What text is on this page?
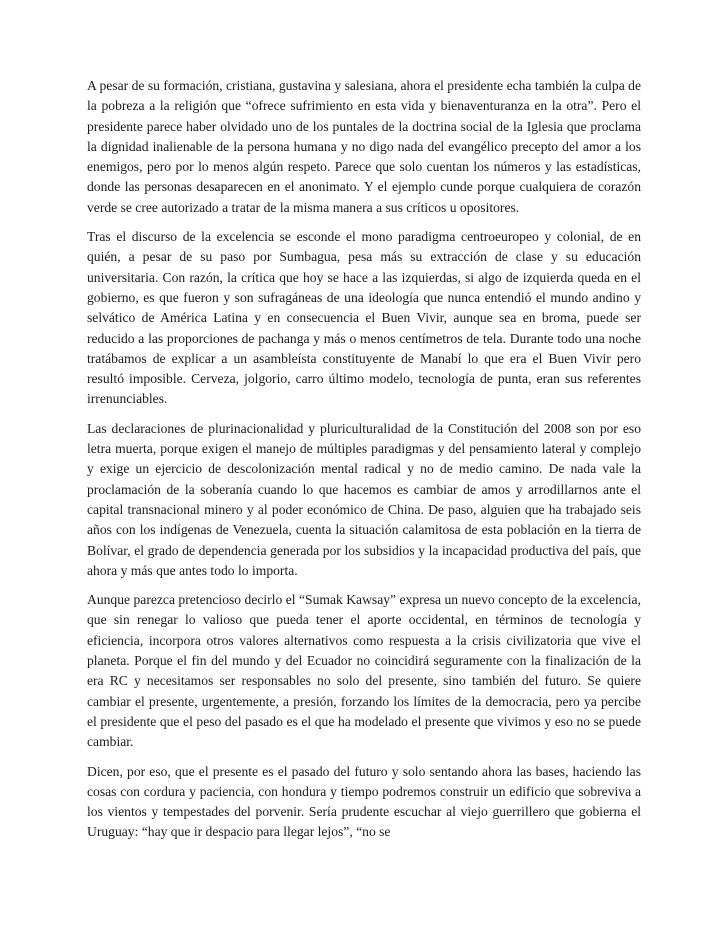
A pesar de su formación, cristiana, gustavina y salesiana, ahora el presidente echa también la culpa de la pobreza a la religión que “ofrece sufrimiento en esta vida y bienaventuranza en la otra”. Pero el presidente parece haber olvidado uno de los puntales de la doctrina social de la Iglesia que proclama la dignidad inalienable de la persona humana y no digo nada del evangélico precepto del amor a los enemigos, pero por lo menos algún respeto. Parece que solo cuentan los números y las estadísticas, donde las personas desaparecen en el anonimato. Y el ejemplo cunde porque cualquiera de corazón verde se cree autorizado a tratar de la misma manera a sus críticos u opositores.

Tras el discurso de la excelencia se esconde el mono paradigma centroeuropeo y colonial, de en quién, a pesar de su paso por Sumbagua, pesa más su extracción de clase y su educación universitaria. Con razón, la crítica que hoy se hace a las izquierdas, si algo de izquierda queda en el gobierno, es que fueron y son sufragáneas de una ideología que nunca entendió el mundo andino y selvático de América Latina y en consecuencia el Buen Vivir, aunque sea en broma, puede ser reducido a las proporciones de pachanga y más o menos centímetros de tela. Durante todo una noche tratábamos de explicar a un asambleísta constituyente de Manabí lo que era el Buen Vivir pero resultó imposible. Cerveza, jolgorio, carro último modelo, tecnología de punta, eran sus referentes irrenunciables.

Las declaraciones de plurinacionalidad y pluriculturalidad de la Constitución del 2008 son por eso letra muerta, porque exigen el manejo de múltiples paradigmas y del pensamiento lateral y complejo y exige un ejercicio de descolonización mental radical y no de medio camino. De nada vale la proclamación de la soberanía cuando lo que hacemos es cambiar de amos y arrodillarnos ante el capital transnacional minero y al poder económico de China. De paso, alguien que ha trabajado seis años con los indígenas de Venezuela, cuenta la situación calamitosa de esta población en la tierra de Bolívar, el grado de dependencia generada por los subsidios y la incapacidad productiva del país, que ahora y más que antes todo lo importa.

Aunque parezca pretencioso decirlo el “Sumak Kawsay” expresa un nuevo concepto de la excelencia, que sin renegar lo valioso que pueda tener el aporte occidental, en términos de tecnología y eficiencia, incorpora otros valores alternativos como respuesta a la crisis civilizatoria que vive el planeta. Porque el fin del mundo y del Ecuador no coincidirá seguramente con la finalización de la era RC y necesitamos ser responsables no solo del presente, sino también del futuro. Se quiere cambiar el presente, urgentemente, a presión, forzando los límites de la democracia, pero ya percibe el presidente que el peso del pasado es el que ha modelado el presente que vivimos y eso no se puede cambiar.

Dicen, por eso, que el presente es el pasado del futuro y solo sentando ahora las bases, haciendo las cosas con cordura y paciencia, con hondura y tiempo podremos construir un edificio que sobreviva a los vientos y tempestades del porvenir. Sería prudente escuchar al viejo guerrillero que gobierna el Uruguay: “hay que ir despacio para llegar lejos”, “no se
